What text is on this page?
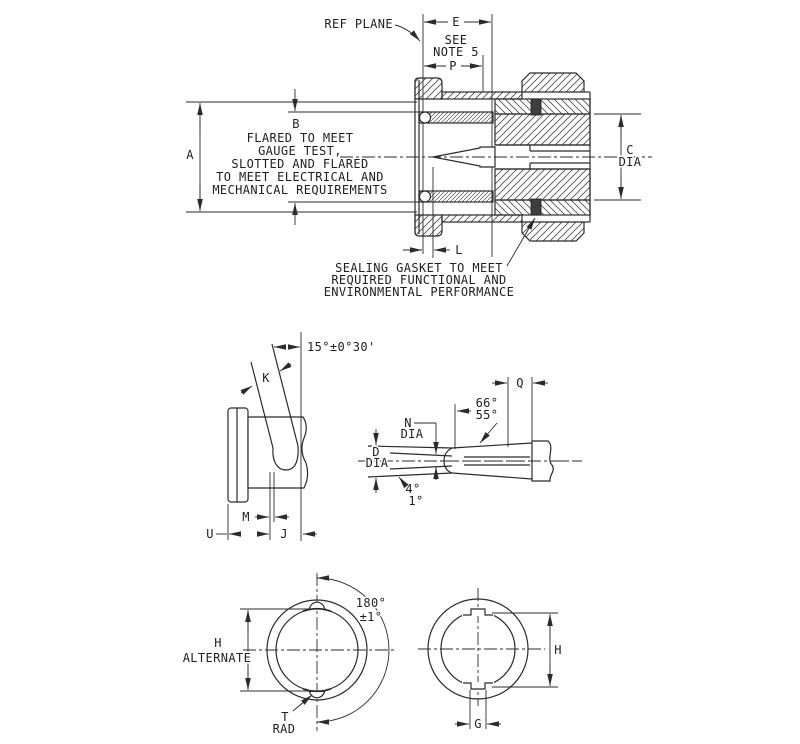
REF PLANE	E
SEE
NOTE 5
P
A
B
FLARED TO MEET
GAUGE TEST,
SLOTTED AND FLARED
TO MEET ELECTRICAL AND
MECHANICAL REQUIREMENTS
C
DIA
L
SEALING GASKET TO MEET
REQUIRED FUNCTIONAL AND
ENVIRONMENTAL PERFORMANCE
15°±0°30'
K
M
U	J
Q
66°
55°
N
DIA
D
DIA
4°
1°
180°
±1°
H
ALTERNATE
T
RAD
H
G
